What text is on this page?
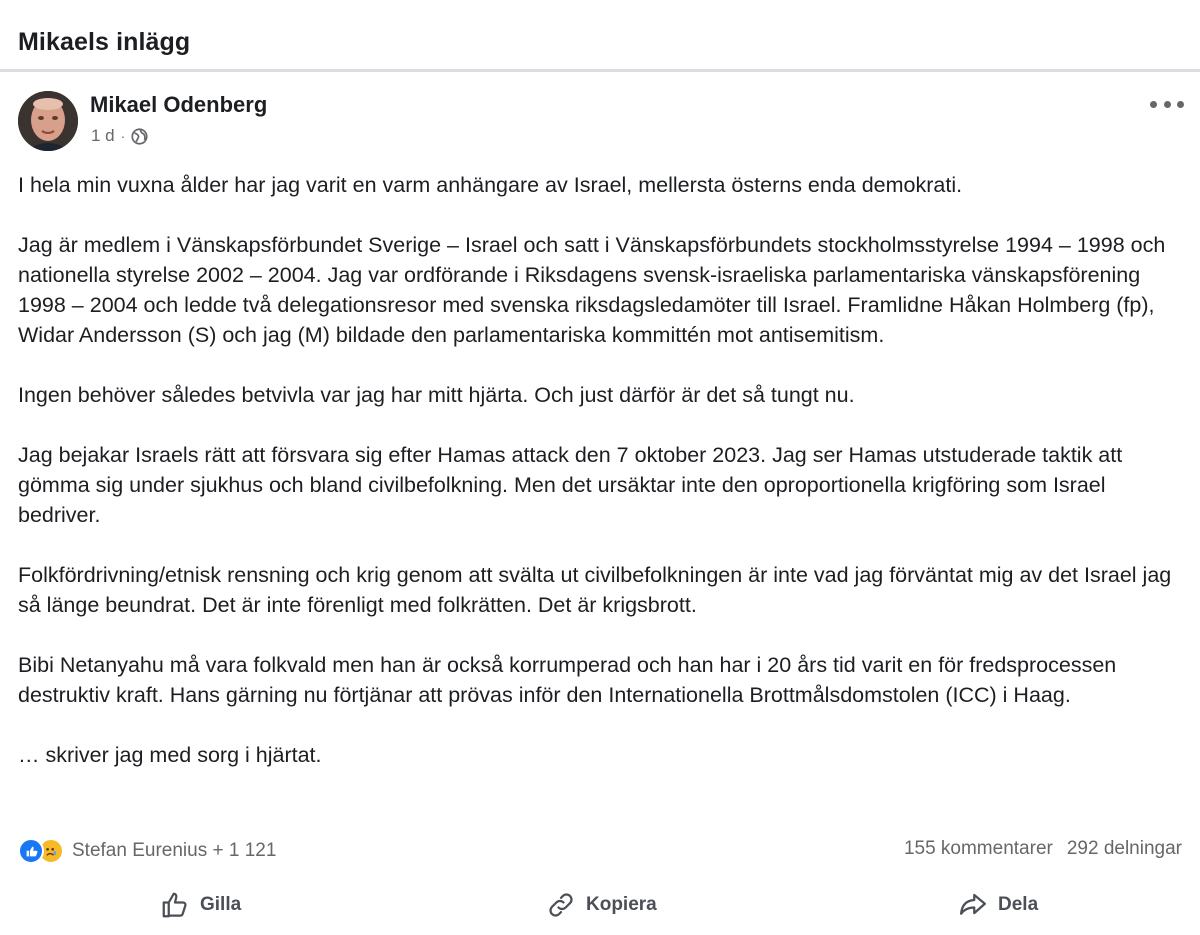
Mikaels inlägg
Mikael Odenberg
1 d ·

I hela min vuxna ålder har jag varit en varm anhängare av Israel, mellersta österns enda demokrati.

Jag är medlem i Vänskapsförbundet Sverige – Israel och satt i Vänskapsförbundets stockholmsstyrelse 1994 – 1998 och nationella styrelse 2002 – 2004. Jag var ordförande i Riksdagens svensk-israeliska parlamentariska vänskapsförening 1998 – 2004 och ledde två delegationsresor med svenska riksdagsledamöter till Israel. Framlidne Håkan Holmberg (fp), Widar Andersson (S) och jag (M) bildade den parlamentariska kommittén mot antisemitism.

Ingen behöver således betvivla var jag har mitt hjärta. Och just därför är det så tungt nu.

Jag bejakar Israels rätt att försvara sig efter Hamas attack den 7 oktober 2023. Jag ser Hamas utstuderade taktik att gömma sig under sjukhus och bland civilbefolkning. Men det ursäktar inte den oproportionella krigföring som Israel bedriver.

Folkfördrivning/etnisk rensning och krig genom att svälta ut civilbefolkningen är inte vad jag förväntat mig av det Israel jag så länge beundrat. Det är inte förenligt med folkrätten. Det är krigsbrott.

Bibi Netanyahu må vara folkvald men han är också korrumperad och han har i 20 års tid varit en för fredsprocessen destruktiv kraft. Hans gärning nu förtjänar att prövas inför den Internationella Brottmålsdomstolen (ICC) i Haag.

… skriver jag med sorg i hjärtat.

Stefan Eurenius + 1 121	155 kommentarer 292 delningar
Gilla	Kopiera	Dela
